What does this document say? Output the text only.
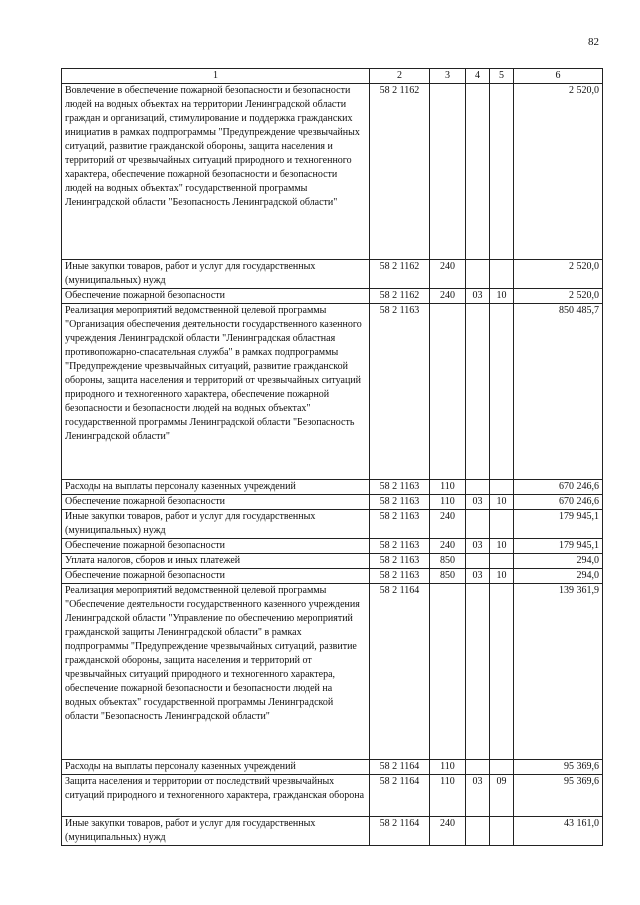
82
1	2	3	4	5	6
Вовлечение в обеспечение пожарной безопасности и безопасности людей на водных объектах на территории Ленинградской области граждан и организаций, стимулирование и поддержка гражданских инициатив в рамках подпрограммы "Предупреждение чрезвычайных ситуаций, развитие гражданской обороны, защита населения и территорий от чрезвычайных ситуаций природного и техногенного характера, обеспечение пожарной безопасности и безопасности людей на водных объектах" государственной программы Ленинградской области "Безопасность Ленинградской области"	58 2 1162				2 520,0
Иные закупки товаров, работ и услуг для государственных (муниципальных) нужд	58 2 1162	240			2 520,0
Обеспечение пожарной безопасности	58 2 1162	240	03	10	2 520,0
Реализация мероприятий ведомственной целевой программы "Организация обеспечения деятельности государственного казенного учреждения Ленинградской области "Ленинградская областная противопожарно-спасательная служба" в рамках подпрограммы "Предупреждение чрезвычайных ситуаций, развитие гражданской обороны, защита населения и территорий от чрезвычайных ситуаций природного и техногенного характера, обеспечение пожарной безопасности и безопасности людей на водных объектах" государственной программы Ленинградской области "Безопасность Ленинградской области"	58 2 1163				850 485,7
Расходы на выплаты персоналу казенных учреждений	58 2 1163	110			670 246,6
Обеспечение пожарной безопасности	58 2 1163	110	03	10	670 246,6
Иные закупки товаров, работ и услуг для государственных (муниципальных) нужд	58 2 1163	240			179 945,1
Обеспечение пожарной безопасности	58 2 1163	240	03	10	179 945,1
Уплата налогов, сборов и иных платежей	58 2 1163	850			294,0
Обеспечение пожарной безопасности	58 2 1163	850	03	10	294,0
Реализация мероприятий ведомственной целевой программы "Обеспечение деятельности государственного казенного учреждения Ленинградской области "Управление по обеспечению мероприятий гражданской защиты Ленинградской области" в рамках подпрограммы "Предупреждение чрезвычайных ситуаций, развитие гражданской обороны, защита населения и территорий от чрезвычайных ситуаций природного и техногенного характера, обеспечение пожарной безопасности и безопасности людей на водных объектах" государственной программы Ленинградской области "Безопасность Ленинградской области"	58 2 1164				139 361,9
Расходы на выплаты персоналу казенных учреждений	58 2 1164	110			95 369,6
Защита населения и территории от последствий чрезвычайных ситуаций природного и техногенного характера, гражданская оборона	58 2 1164	110	03	09	95 369,6
Иные закупки товаров, работ и услуг для государственных (муниципальных) нужд	58 2 1164	240			43 161,0
